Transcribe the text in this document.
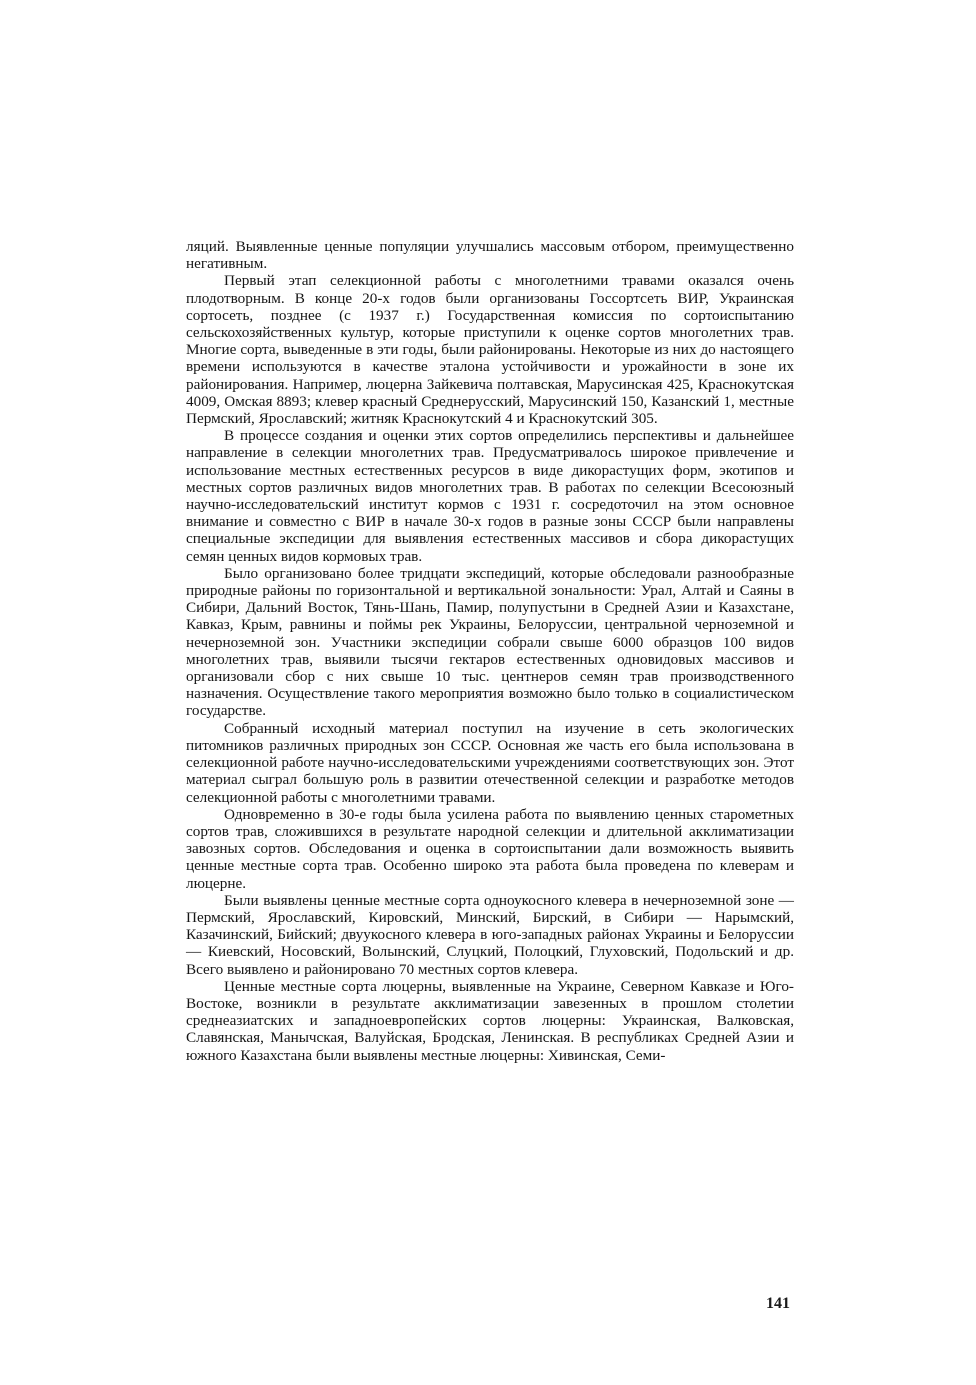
ляций. Выявленные ценные популяции улучшались массовым отбором, преимущественно негативным.

Первый этап селекционной работы с многолетними травами оказался очень плодотворным. В конце 20-х годов были организованы Госсортсеть ВИР, Украинская сортосеть, позднее (с 1937 г.) Государственная комиссия по сортоиспытанию сельскохозяйственных культур, которые приступили к оценке сортов многолетних трав. Многие сорта, выведенные в эти годы, были районированы. Некоторые из них до настоящего времени используются в качестве эталона устойчивости и урожайности в зоне их районирования. Например, люцерна Зайкевича полтавская, Марусинская 425, Краснокутская 4009, Омская 8893; клевер красный Среднерусский, Марусинский 150, Казанский 1, местные Пермский, Ярославский; житняк Краснокутский 4 и Краснокутский 305.

В процессе создания и оценки этих сортов определились перспективы и дальнейшее направление в селекции многолетних трав. Предусматривалось широкое привлечение и использование местных естественных ресурсов в виде дикорастущих форм, экотипов и местных сортов различных видов многолетних трав. В работах по селекции Всесоюзный научно-исследовательский институт кормов с 1931 г. сосредоточил на этом основное внимание и совместно с ВИР в начале 30-х годов в разные зоны СССР были направлены специальные экспедиции для выявления естественных массивов и сбора дикорастущих семян ценных видов кормовых трав.

Было организовано более тридцати экспедиций, которые обследовали разнообразные природные районы по горизонтальной и вертикальной зональности: Урал, Алтай и Саяны в Сибири, Дальний Восток, Тянь-Шань, Памир, полупустыни в Средней Азии и Казахстане, Кавказ, Крым, равнины и поймы рек Украины, Белоруссии, центральной черноземной и нечерноземной зон. Участники экспедиции собрали свыше 6000 образцов 100 видов многолетних трав, выявили тысячи гектаров естественных одновидовых массивов и организовали сбор с них свыше 10 тыс. центнеров семян трав производственного назначения. Осуществление такого мероприятия возможно было только в социалистическом государстве.

Собранный исходный материал поступил на изучение в сеть экологических питомников различных природных зон СССР. Основная же часть его была использована в селекционной работе научно-исследовательскими учреждениями соответствующих зон. Этот материал сыграл большую роль в развитии отечественной селекции и разработке методов селекционной работы с многолетними травами.

Одновременно в 30-е годы была усилена работа по выявлению ценных старометных сортов трав, сложившихся в результате народной селекции и длительной акклиматизации завозных сортов. Обследования и оценка в сортоиспытании дали возможность выявить ценные местные сорта трав. Особенно широко эта работа была проведена по клеверам и люцерне.

Были выявлены ценные местные сорта одноукосного клевера в нечерноземной зоне — Пермский, Ярославский, Кировский, Минский, Бирский, в Сибири — Нарымский, Казачинский, Бийский; двуукосного клевера в юго-западных районах Украины и Белоруссии — Киевский, Носовский, Волынский, Слуцкий, Полоцкий, Глуховский, Подольский и др. Всего выявлено и районировано 70 местных сортов клевера.

Ценные местные сорта люцерны, выявленные на Украине, Северном Кавказе и Юго-Востоке, возникли в результате акклиматизации завезенных в прошлом столетии среднеазиатских и западноевропейских сортов люцерны: Украинская, Валковская, Славянская, Манычская, Валуйская, Бродская, Ленинская. В республиках Средней Азии и южного Казахстана были выявлены местные люцерны: Хивинская, Семи-

141
